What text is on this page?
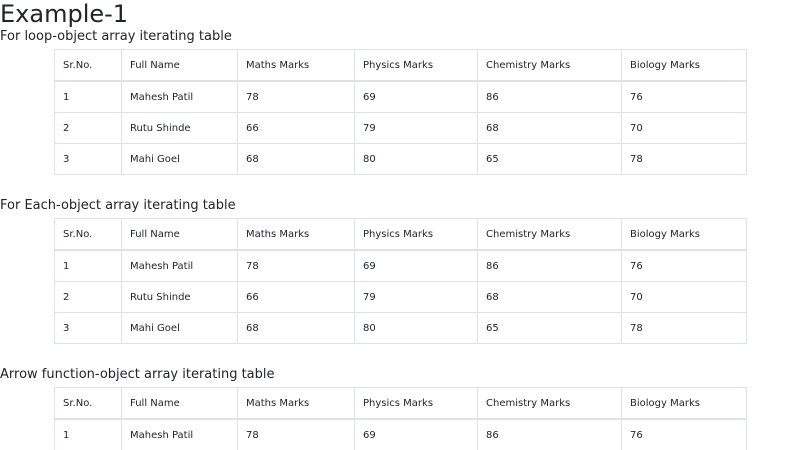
Example-1
For loop-object array iterating table
Sr.No.	Full Name	Maths Marks	Physics Marks	Chemistry Marks	Biology Marks
1	Mahesh Patil	78	69	86	76
2	Rutu Shinde	66	79	68	70
3	Mahi Goel	68	80	65	78
For Each-object array iterating table
Sr.No.	Full Name	Maths Marks	Physics Marks	Chemistry Marks	Biology Marks
1	Mahesh Patil	78	69	86	76
2	Rutu Shinde	66	79	68	70
3	Mahi Goel	68	80	65	78
Arrow function-object array iterating table
Sr.No.	Full Name	Maths Marks	Physics Marks	Chemistry Marks	Biology Marks
1	Mahesh Patil	78	69	86	76
